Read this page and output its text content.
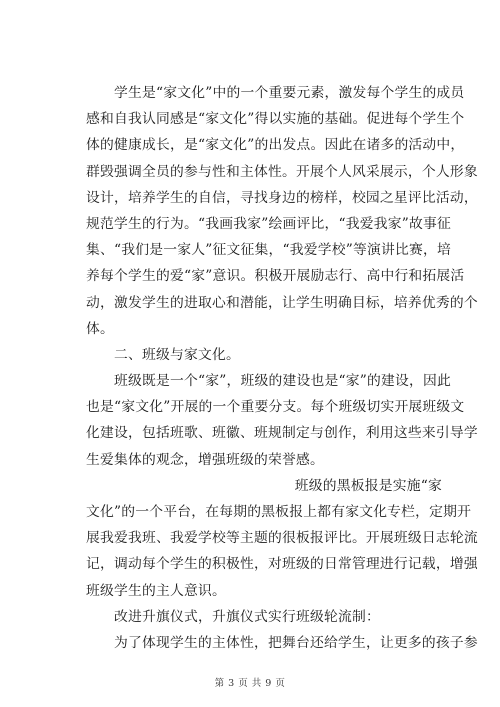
学生是“家文化”中的一个重要元素，激发每个学生的成员
感和自我认同感是“家文化”得以实施的基础。促进每个学生个
体的健康成长，是“家文化”的出发点。因此在诸多的活动中，
群毁强调全员的参与性和主体性。开展个人风采展示，个人形象
设计，培养学生的自信，寻找身边的榜样，校园之星评比活动，
规范学生的行为。“我画我家”绘画评比，“我爱我家”故事征
集、“我们是一家人”征文征集，“我爱学校”等演讲比赛，培
养每个学生的爱“家”意识。积极开展励志行、高中行和拓展活
动，激发学生的进取心和潜能，让学生明确目标，培养优秀的个
体。
二、班级与家文化。
班级既是一个“家”，班级的建设也是“家”的建设，因此
也是“家文化”开展的一个重要分支。每个班级切实开展班级文
化建设，包括班歌、班徽、班规制定与创作，利用这些来引导学
生爱集体的观念，增强班级的荣誉感。
班级的黑板报是实施“家
文化”的一个平台，在每期的黑板报上都有家文化专栏，定期开
展我爱我班、我爱学校等主题的很板报评比。开展班级日志轮流
记，调动每个学生的积极性，对班级的日常管理进行记载，增强
班级学生的主人意识。
改进升旗仪式，升旗仪式实行班级轮流制：
为了体现学生的主体性，把舞台还给学生，让更多的孩子参
第 3 页 共 9 页
